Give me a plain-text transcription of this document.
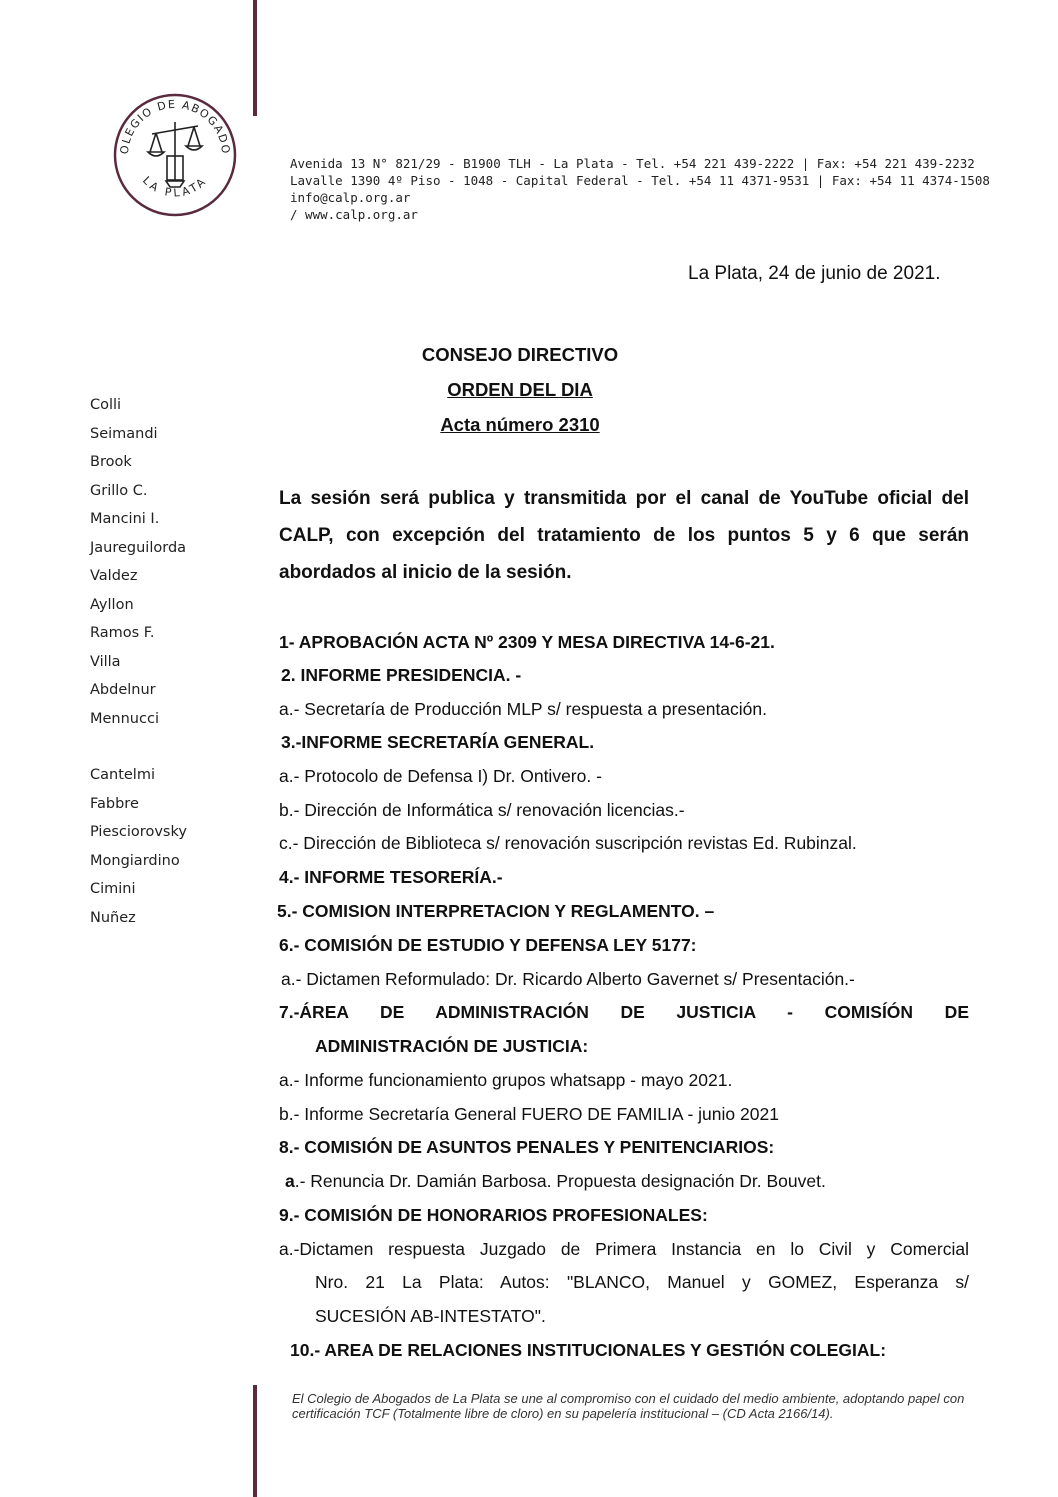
OLEGIO DE ABOGADO
LA PLATA
Avenida 13 N° 821/29 - B1900 TLH - La Plata - Tel. +54 221 439-2222 | Fax: +54 221 439-2232
Lavalle 1390 4º Piso - 1048 - Capital Federal - Tel. +54 11 4371-9531 | Fax: +54 11 4374-1508 info@calp.org.ar
/ www.calp.org.ar
La Plata, 24 de junio de 2021.
CONSEJO DIRECTIVO
ORDEN DEL DIA
Acta número 2310
Colli
Seimandi
Brook
Grillo C.
Mancini I.
Jaureguilorda
Valdez
Ayllon
Ramos F.
Villa
Abdelnur
Mennucci
Cantelmi
Fabbre
Piesciorovsky
Mongiardino
Cimini
Nuñez
La sesión será publica y transmitida por el canal de YouTube oficial del CALP, con excepción del tratamiento de los puntos 5 y 6 que serán abordados al inicio de la sesión.
1- APROBACIÓN ACTA Nº 2309 Y MESA DIRECTIVA 14-6-21.
2. INFORME PRESIDENCIA. -
a.- Secretaría de Producción MLP s/ respuesta a presentación.
3.-INFORME SECRETARÍA GENERAL.
a.- Protocolo de Defensa I) Dr. Ontivero. -
b.- Dirección de Informática s/ renovación licencias.-
c.- Dirección de Biblioteca s/ renovación suscripción revistas Ed. Rubinzal.
4.- INFORME TESORERÍA.-
5.- COMISION INTERPRETACION Y REGLAMENTO. –
6.- COMISIÓN DE ESTUDIO Y DEFENSA LEY 5177:
a.- Dictamen Reformulado: Dr. Ricardo Alberto Gavernet s/ Presentación.-
7.-ÁREA DE ADMINISTRACIÓN DE JUSTICIA - COMISÍÓN DE
ADMINISTRACIÓN DE JUSTICIA:
a.- Informe funcionamiento grupos whatsapp - mayo 2021.
b.- Informe Secretaría General FUERO DE FAMILIA - junio 2021
8.- COMISIÓN DE ASUNTOS PENALES Y PENITENCIARIOS:
a.- Renuncia Dr. Damián Barbosa. Propuesta designación Dr. Bouvet.
9.- COMISIÓN DE HONORARIOS PROFESIONALES:
a.-Dictamen respuesta Juzgado de Primera Instancia en lo Civil y Comercial
Nro. 21 La Plata: Autos: "BLANCO, Manuel y GOMEZ, Esperanza s/
SUCESIÓN AB-INTESTATO".
10.- AREA DE RELACIONES INSTITUCIONALES Y GESTIÓN COLEGIAL:
El Colegio de Abogados de La Plata se une al compromiso con el cuidado del medio ambiente, adoptando papel con certificación TCF (Totalmente libre de cloro) en su papelería institucional – (CD Acta 2166/14).
